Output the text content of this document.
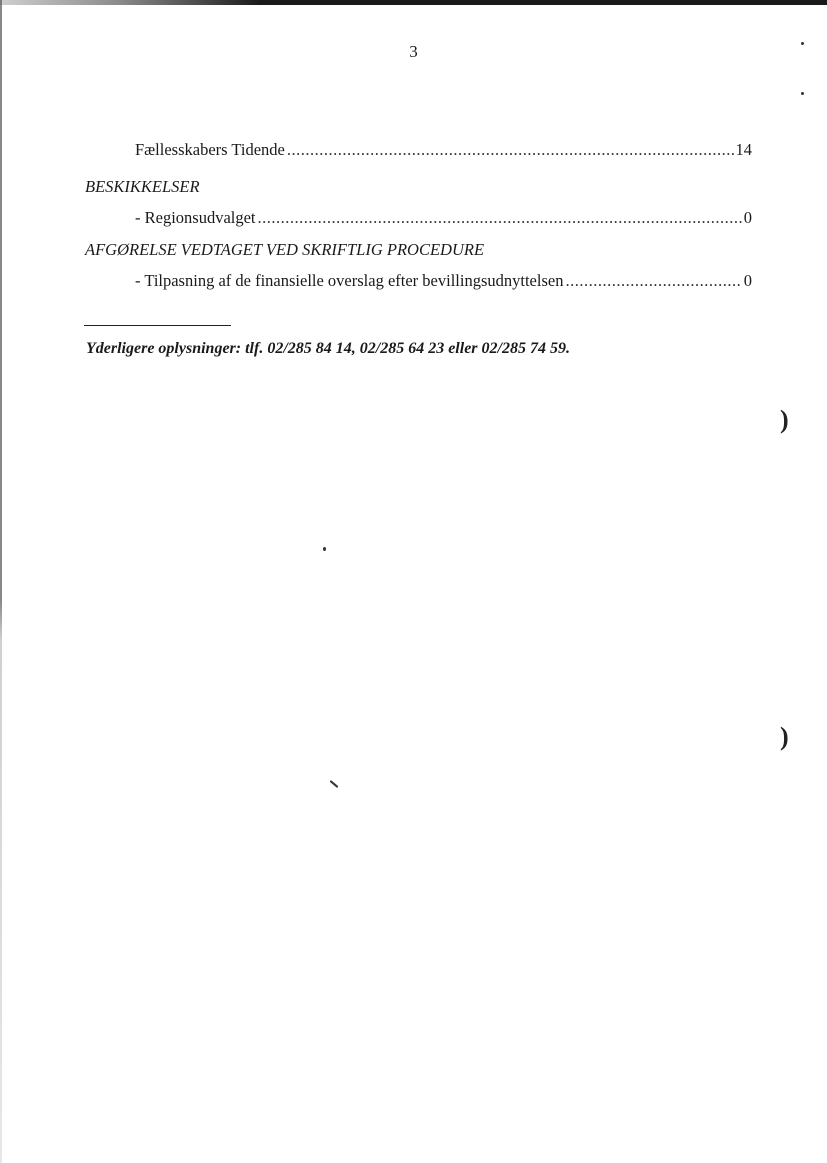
3
Fællesskabers Tidende .....	14
BESKIKKELSER
- Regionsudvalget .....	0
AFGØRELSE VEDTAGET VED SKRIFTLIG PROCEDURE
- Tilpasning af de finansielle overslag efter bevillingsudnyttelsen .....	0
Yderligere oplysninger: tlf. 02/285 84 14, 02/285 64 23 eller 02/285 74 59.
)
)
